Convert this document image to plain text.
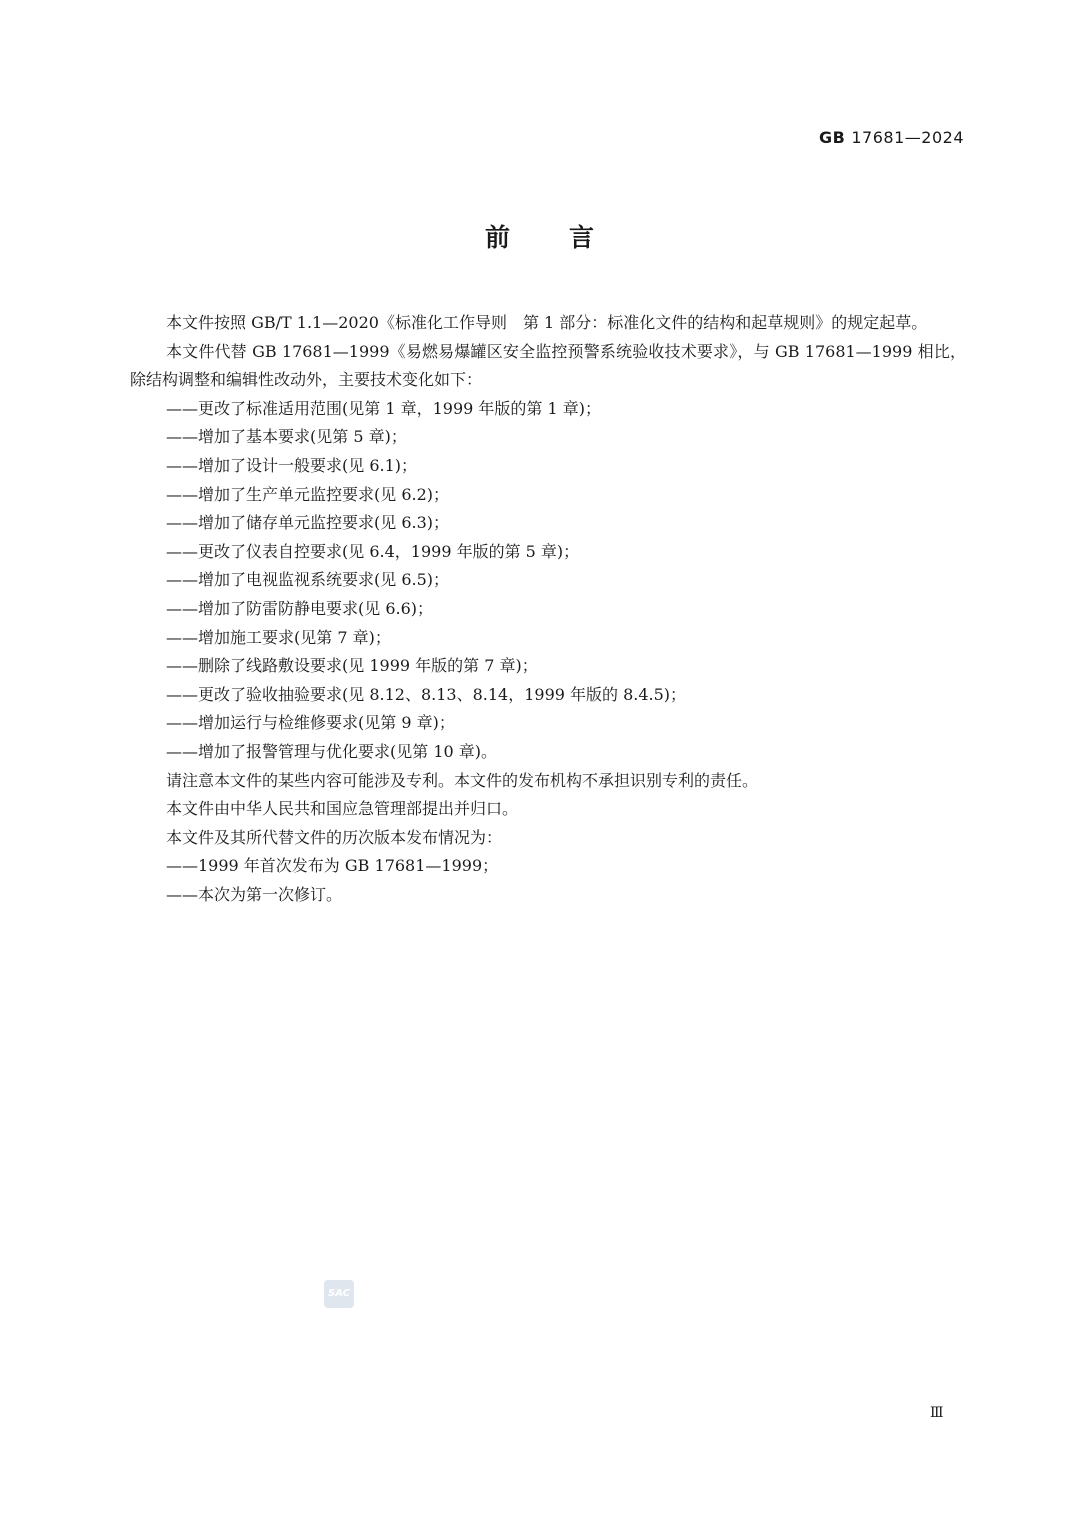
GB 17681—2024
前 言

本文件按照 GB/T 1.1—2020《标准化工作导则　第 1 部分：标准化文件的结构和起草规则》的规定起草。

本文件代替 GB 17681—1999《易燃易爆罐区安全监控预警系统验收技术要求》，与 GB 17681—1999 相比，除结构调整和编辑性改动外，主要技术变化如下：

——更改了标准适用范围(见第 1 章，1999 年版的第 1 章)；

——增加了基本要求(见第 5 章)；

——增加了设计一般要求(见 6.1)；

——增加了生产单元监控要求(见 6.2)；

——增加了储存单元监控要求(见 6.3)；

——更改了仪表自控要求(见 6.4，1999 年版的第 5 章)；

——增加了电视监视系统要求(见 6.5)；

——增加了防雷防静电要求(见 6.6)；

——增加施工要求(见第 7 章)；

——删除了线路敷设要求(见 1999 年版的第 7 章)；

——更改了验收抽验要求(见 8.12、8.13、8.14，1999 年版的 8.4.5)；

——增加运行与检维修要求(见第 9 章)；

——增加了报警管理与优化要求(见第 10 章)。

请注意本文件的某些内容可能涉及专利。本文件的发布机构不承担识别专利的责任。

本文件由中华人民共和国应急管理部提出并归口。

本文件及其所代替文件的历次版本发布情况为：

——1999 年首次发布为 GB 17681—1999；

——本次为第一次修订。

SAC
Ⅲ
